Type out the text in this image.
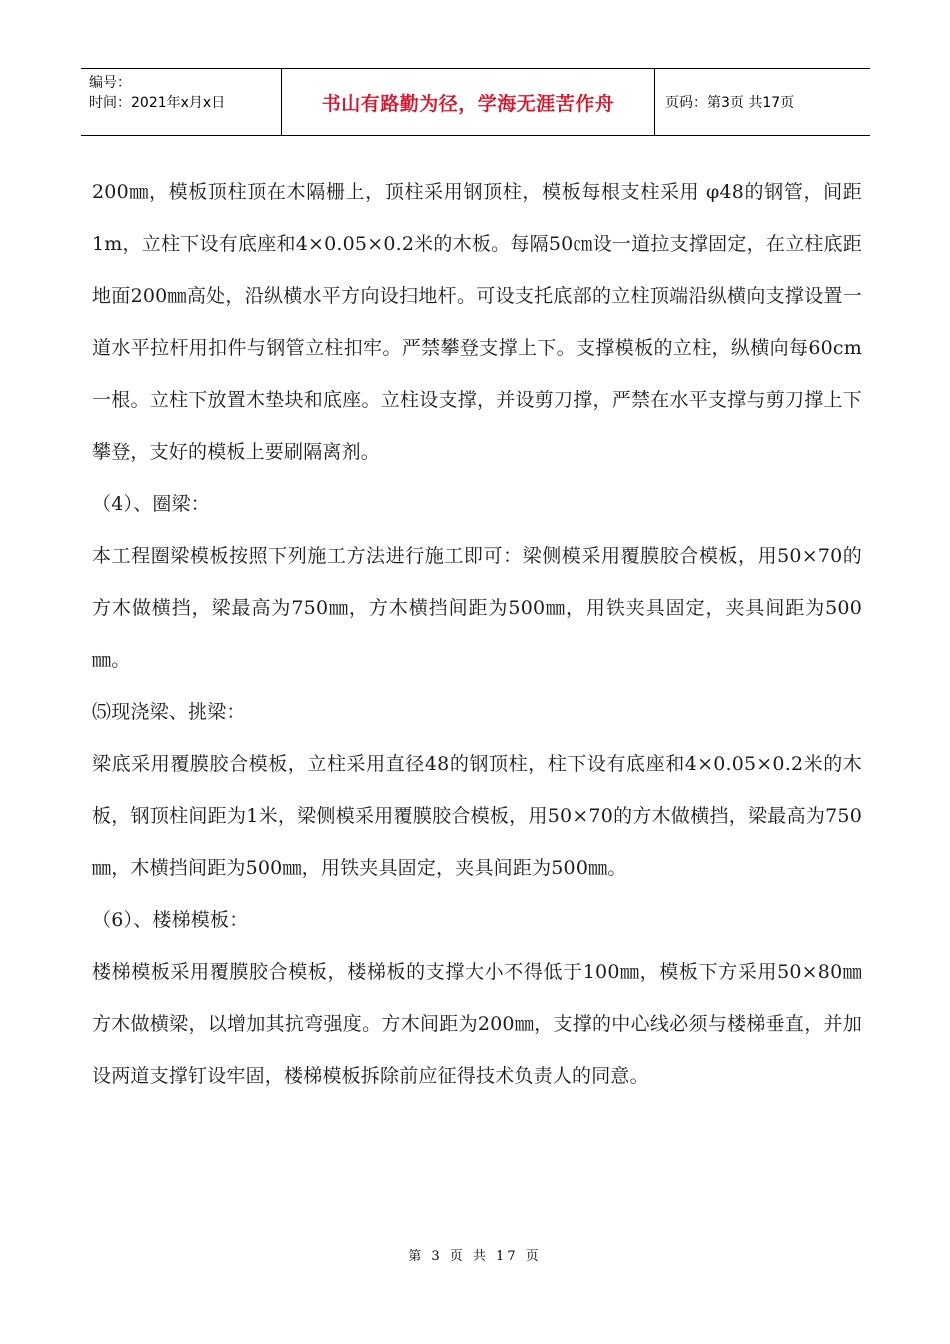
编号：
时间：2021年x月x日	书山有路勤为径，学海无涯苦作舟	页码：第3页 共17页

200㎜，模板顶柱顶在木隔栅上，顶柱采用钢顶柱，模板每根支柱采用 φ48的钢管，间距1m，立柱下设有底座和4×0.05×0.2米的木板。每隔50㎝设一道拉支撑固定，在立柱底距地面200㎜高处，沿纵横水平方向设扫地杆。可设支托底部的立柱顶端沿纵横向支撑设置一道水平拉杆用扣件与钢管立柱扣牢。严禁攀登支撑上下。支撑模板的立柱，纵横向每60cm一根。立柱下放置木垫块和底座。立柱设支撑，并设剪刀撑，严禁在水平支撑与剪刀撑上下攀登，支好的模板上要刷隔离剂。

（4）、圈梁：

本工程圈梁模板按照下列施工方法进行施工即可：梁侧模采用覆膜胶合模板，用50×70的方木做横挡，梁最高为750㎜，方木横挡间距为500㎜，用铁夹具固定，夹具间距为500㎜。

⑸现浇梁、挑梁：

梁底采用覆膜胶合模板，立柱采用直径48的钢顶柱，柱下设有底座和4×0.05×0.2米的木板，钢顶柱间距为1米，梁侧模采用覆膜胶合模板，用50×70的方木做横挡，梁最高为750㎜，木横挡间距为500㎜，用铁夹具固定，夹具间距为500㎜。

（6）、楼梯模板：

楼梯模板采用覆膜胶合模板，楼梯板的支撑大小不得低于100㎜，模板下方采用50×80㎜方木做横梁，以增加其抗弯强度。方木间距为200㎜，支撑的中心线必须与楼梯垂直，并加设两道支撑钉设牢固，楼梯模板拆除前应征得技术负责人的同意。

第 3 页 共 17 页
